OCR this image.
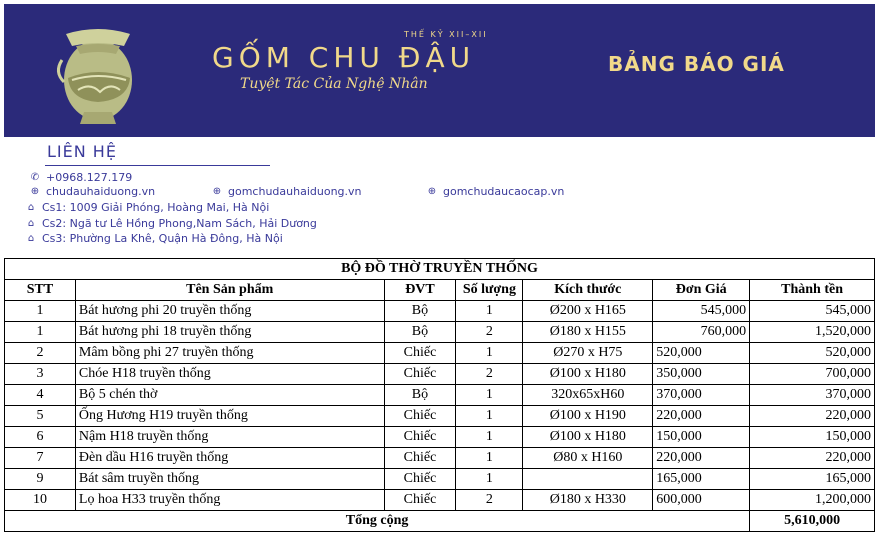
THẾ KỶ XII–XII
GỐM CHU ĐẬU
Tuyệt Tác Của Nghệ Nhân
BẢNG BÁO GIÁ
LIÊN HỆ
✆ +0968.127.179
⊕ chudauhaiduong.vn	⊕ gomchudauhaiduong.vn	⊕ gomchudaucaocap.vn
⌂ Cs1: 1009 Giải Phóng, Hoàng Mai, Hà Nội
⌂ Cs2: Ngã tư Lê Hồng Phong,Nam Sách, Hải Dương
⌂ Cs3: Phường La Khê, Quận Hà Đông, Hà Nội
BỘ ĐỒ THỜ TRUYỀN THỐNG						
STT	Tên Sản phẩm	ĐVT	Số lượng	Kích thước	Đơn Giá	Thành tền
1	Bát hương phi 20 truyền thống	Bộ	1	Ø200 x H165	545,000	545,000
1	Bát hương phi 18 truyền thống	Bộ	2	Ø180 x H155	760,000	1,520,000
2	Mâm bồng phi 27 truyền thống	Chiếc	1	Ø270 x H75	520,000	520,000
3	Chóe H18 truyền thống	Chiếc	2	Ø100 x H180	350,000	700,000
4	Bộ 5 chén thờ	Bộ	1	320x65xH60	370,000	370,000
5	Ống Hương H19 truyền thống	Chiếc	1	Ø100 x H190	220,000	220,000
6	Nậm H18 truyền thống	Chiếc	1	Ø100 x H180	150,000	150,000
7	Đèn dầu H16 truyền thống	Chiếc	1	Ø80 x H160	220,000	220,000
9	Bát sâm truyền thống	Chiếc	1		165,000	165,000
10	Lọ hoa H33 truyền thống	Chiếc	2	Ø180 x H330	600,000	1,200,000
Tổng cộng						5,610,000
